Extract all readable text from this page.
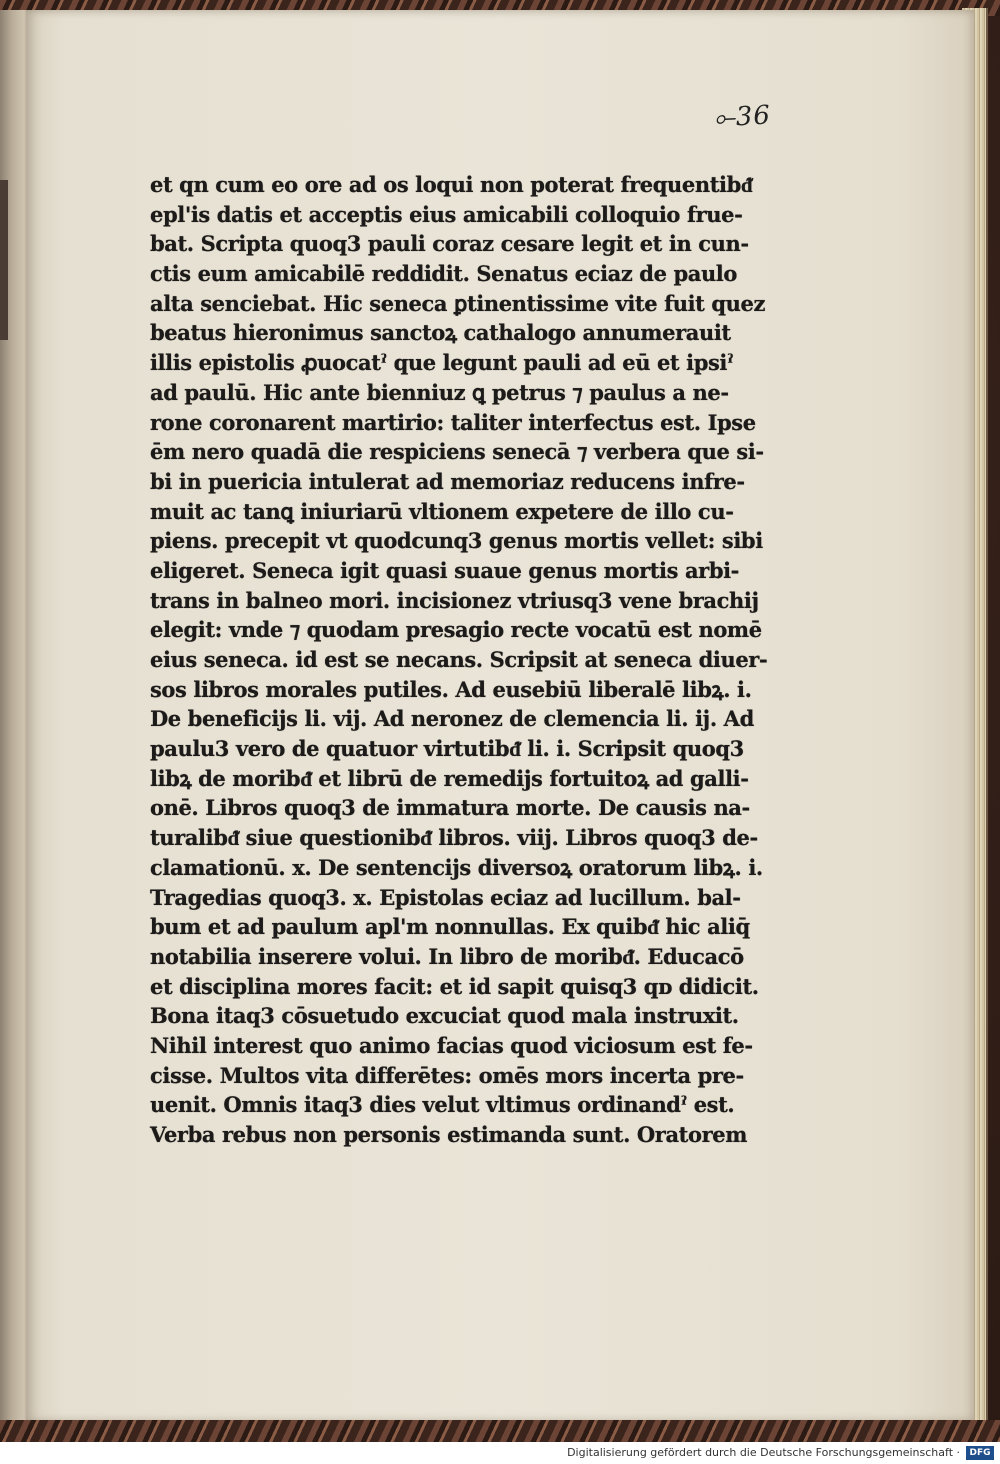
⟜36
et qn cum eo ore ad os loqui non poterat frequentibᵭ
epl'is datis et acceptis eius amicabili colloquio frue-
bat. Scripta quoq3 pauli coraz cesare legit et in cun-
ctis eum amicabilē reddidit. Senatus eciaz de paulo
alta senciebat. Hic seneca ꝑtinentissime vite fuit quez
beatus hieronimus sanctoꝝ cathalogo annumerauit
illis epistolis ꝓuocatˀ que legunt pauli ad eū et ipsiˀ
ad paulū. Hic ante bienniuz ꝗ petrus ⁊ paulus a ne-
rone coronarent martirio: taliter interfectus est. Ipse
ēm nero quadā die respiciens senecā ⁊ verbera que si-
bi in puericia intulerat ad memoriaz reducens infre-
muit ac tanꝗ iniuriarū vltionem expetere de illo cu-
piens. precepit vt quodcunq3 genus mortis vellet: sibi
eligeret. Seneca igit quasi suaue genus mortis arbi-
trans in balneo mori. incisionez vtriusq3 vene brachij
elegit: vnde ⁊ quodam presagio recte vocatū est nomē
eius seneca. id est se necans. Scripsit at seneca diuer-
sos libros morales putiles. Ad eusebiū liberalē libꝝ. i.
De beneficijs li. vij. Ad neronez de clemencia li. ij. Ad
paulu3 vero de quatuor virtutibᵭ li. i. Scripsit quoq3
libꝝ de moribᵭ et librū de remedijs fortuitoꝝ ad galli-
onē. Libros quoq3 de immatura morte. De causis na-
turalibᵭ siue questionibᵭ libros. viij. Libros quoq3 de-
clamationū. x. De sentencijs diversoꝝ oratorum libꝝ. i.
Tragedias quoq3. x. Epistolas eciaz ad lucillum. bal-
bum et ad paulum apl'm nonnullas. Ex quibᵭ hic aliq̄
notabilia inserere volui. In libro de moribᵭ. Educacō
et disciplina mores facit: et id sapit quisq3 qᴅ didicit.
Bona itaq3 cōsuetudo excuciat quod mala instruxit.
Nihil interest quo animo facias quod viciosum est fe-
cisse. Multos vita differētes: omēs mors incerta pre-
uenit. Omnis itaq3 dies velut vltimus ordinandˀ est.
Verba rebus non personis estimanda sunt. Oratorem
Digitalisierung gefördert durch die Deutsche Forschungsgemeinschaft ·	DFG
